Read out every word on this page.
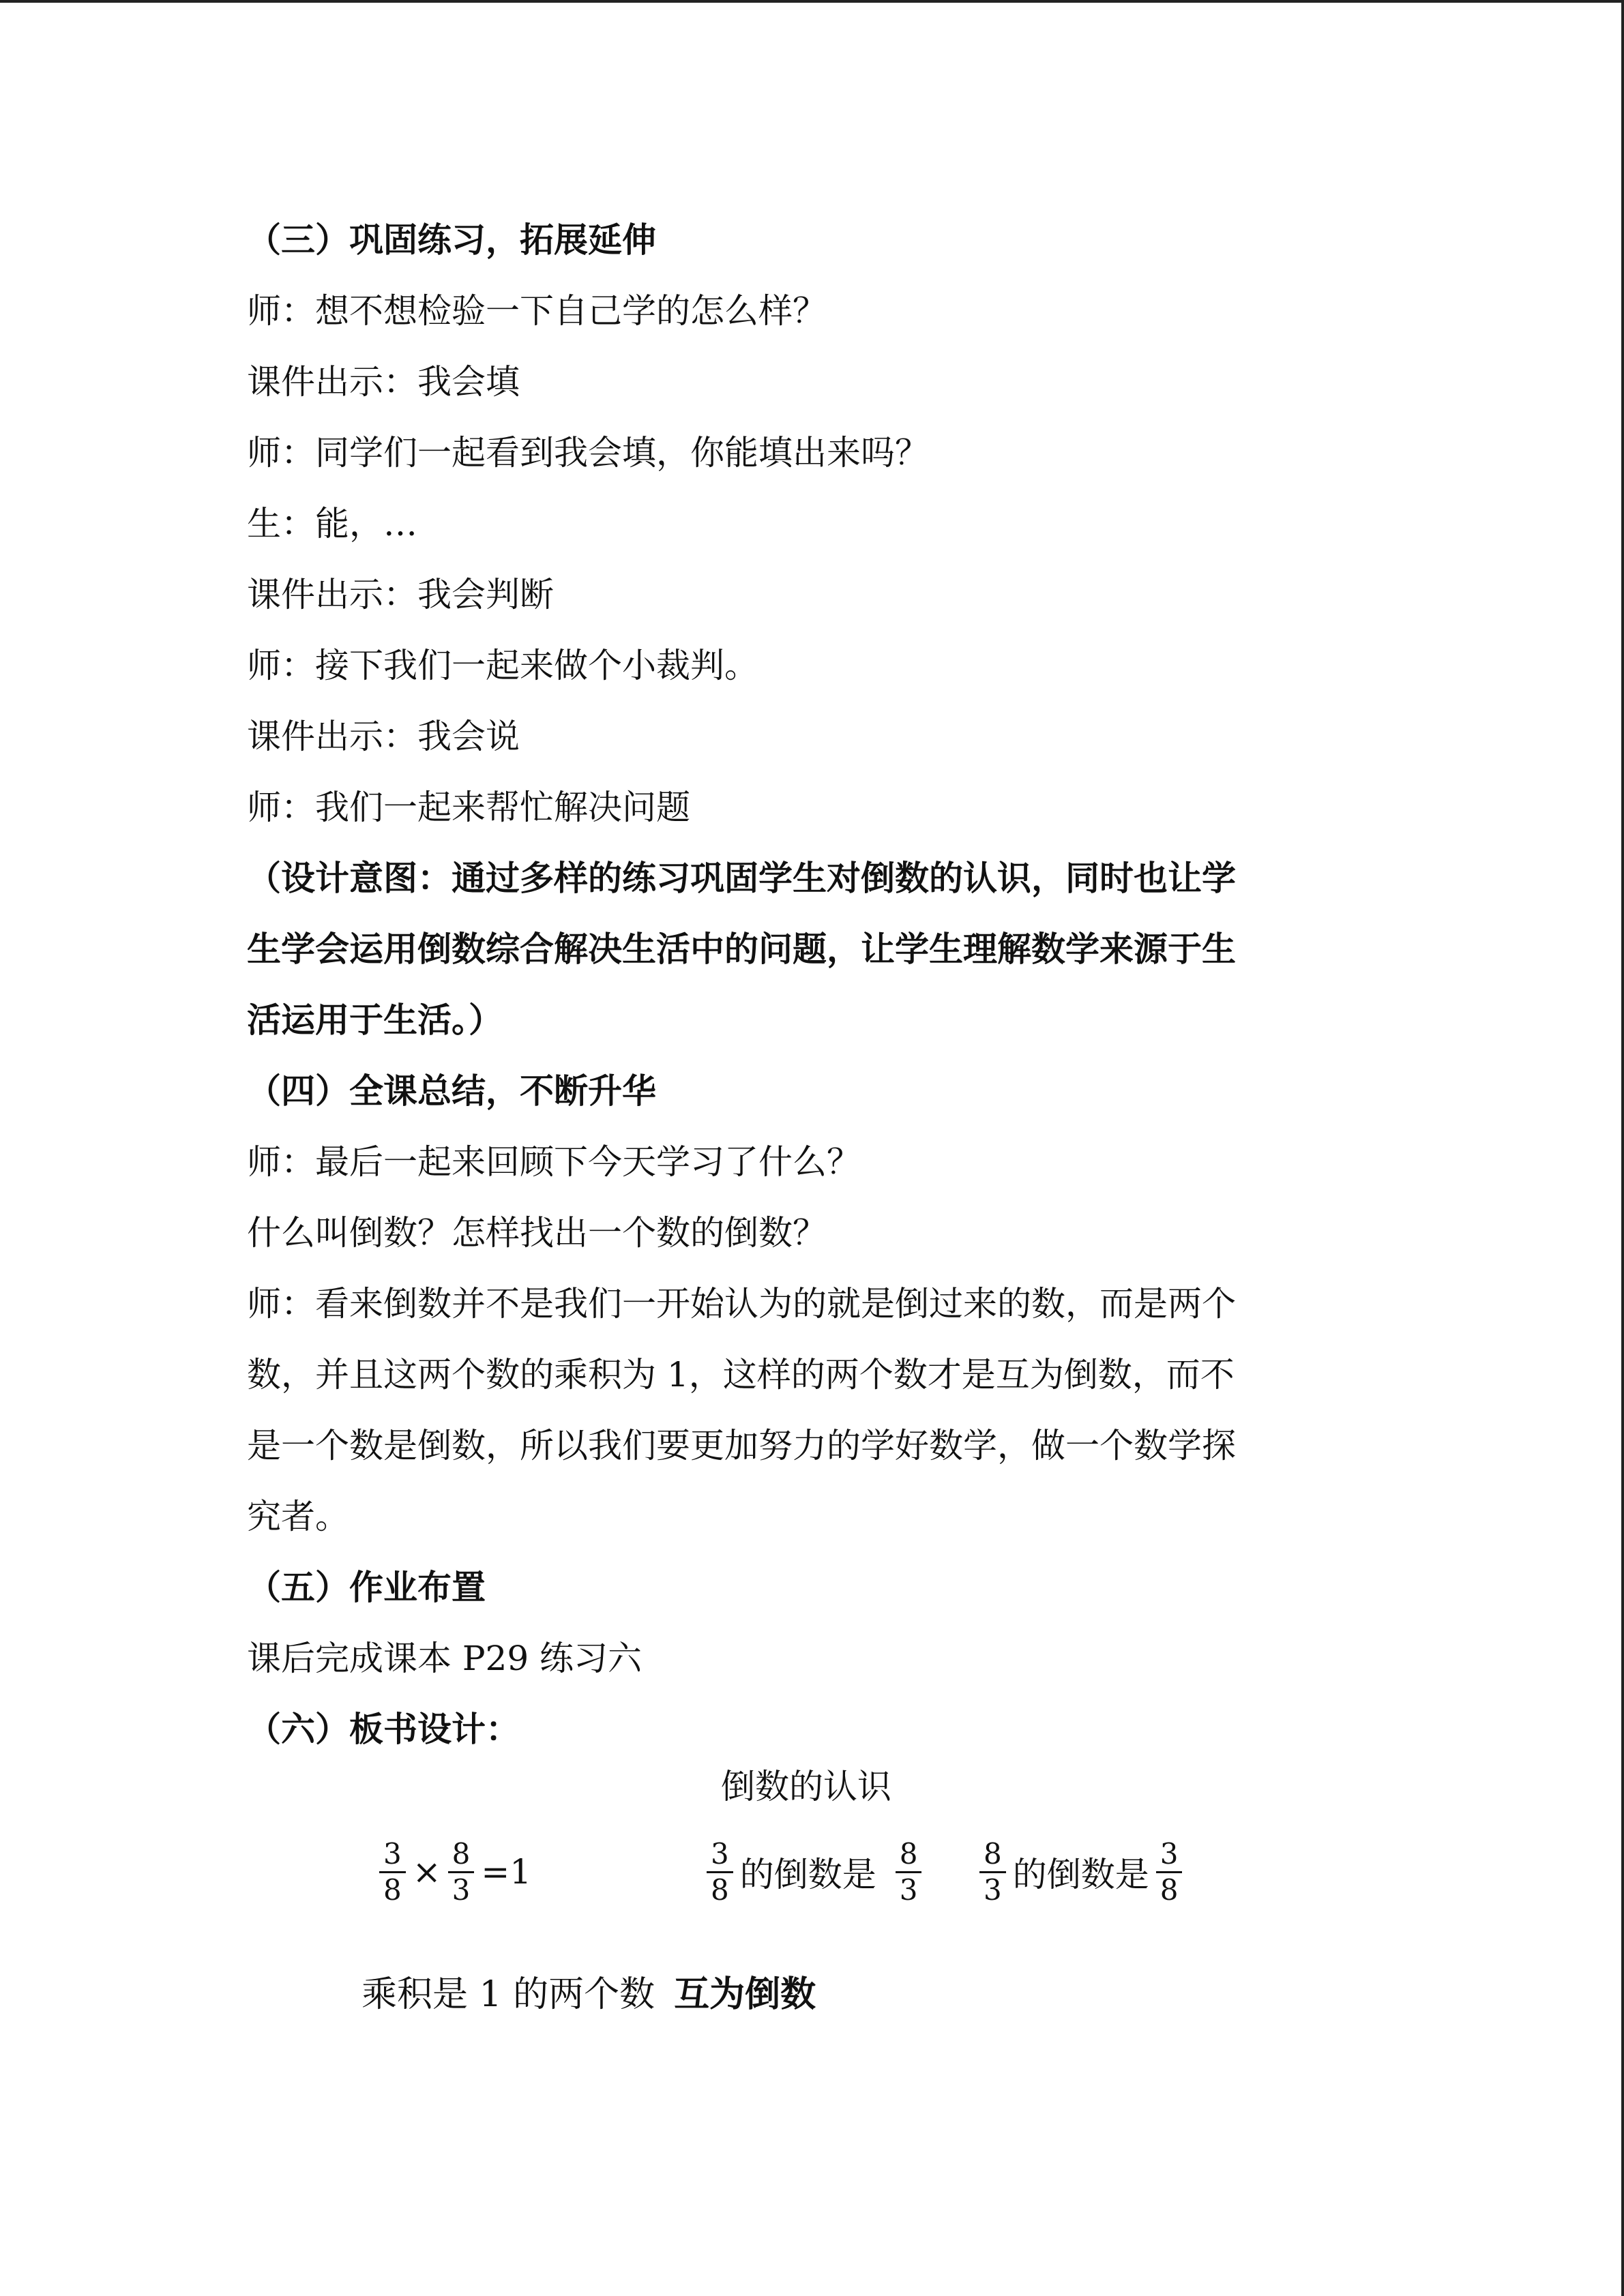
（三）巩固练习，拓展延伸
师：想不想检验一下自己学的怎么样？
课件出示：我会填
师：同学们一起看到我会填，你能填出来吗？
生：能，…
课件出示：我会判断
师：接下我们一起来做个小裁判。
课件出示：我会说
师：我们一起来帮忙解决问题
（设计意图：通过多样的练习巩固学生对倒数的认识，同时也让学
生学会运用倒数综合解决生活中的问题，让学生理解数学来源于生
活运用于生活。）
（四）全课总结，不断升华
师：最后一起来回顾下今天学习了什么？
什么叫倒数？怎样找出一个数的倒数？
师：看来倒数并不是我们一开始认为的就是倒过来的数，而是两个
数，并且这两个数的乘积为 1，这样的两个数才是互为倒数，而不
是一个数是倒数，所以我们要更加努力的学好数学，做一个数学探
究者。
（五）作业布置
课后完成课本 P29 练习六
（六）板书设计：
倒数的认识
$\frac{3}{8} \times \frac{8}{3} =1$	$\frac{3}{8}$ 的倒数是 $\frac{8}{3} \frac{8}{3}$ 的倒数是 $\frac{3}{8}$
乘积是 1 的两个数 互为倒数
